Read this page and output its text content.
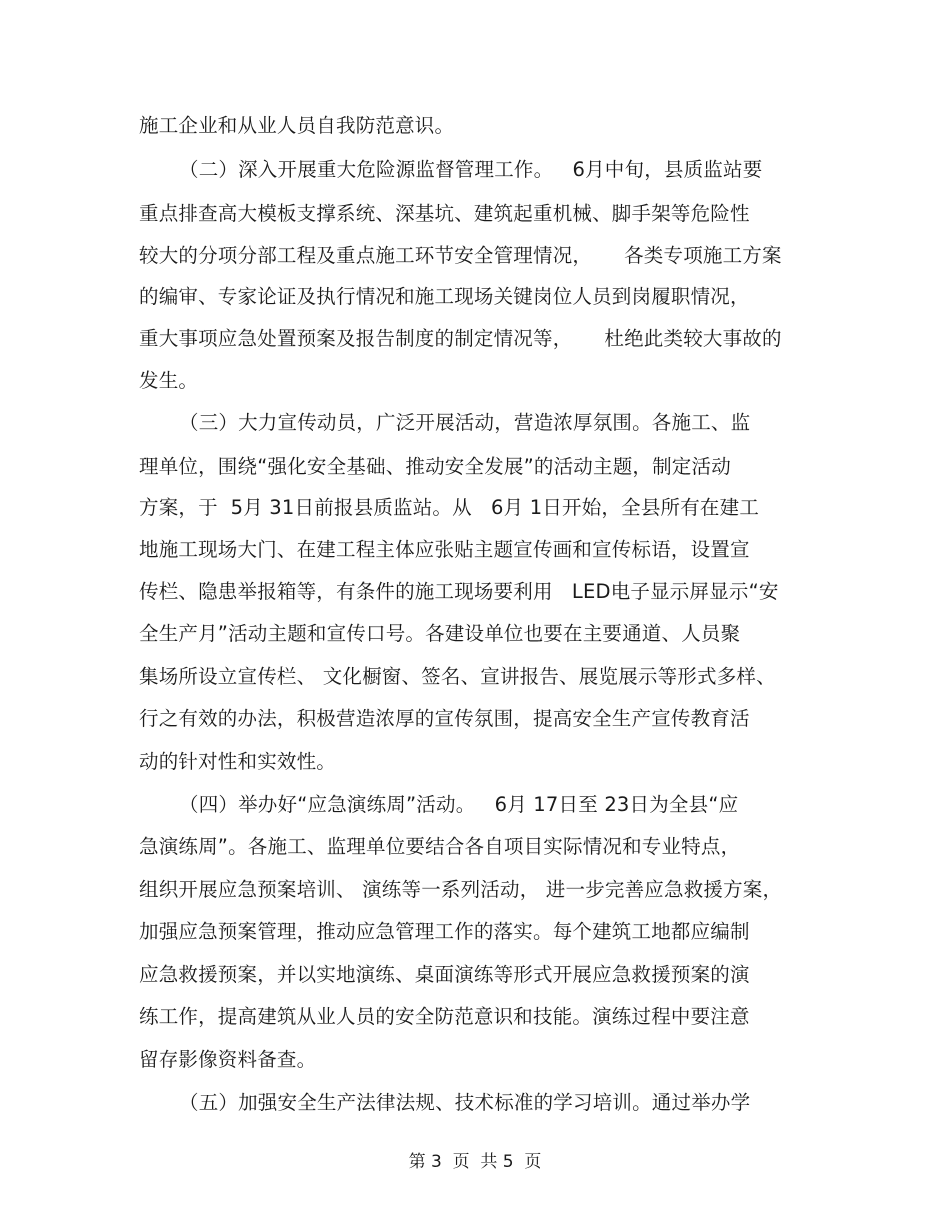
施工企业和从业人员自我防范意识。
（二）深入开展重大危险源监督管理工作。   6月中旬，县质监站要
重点排查高大模板支撑系统、深基坑、建筑起重机械、脚手架等危险性
较大的分项分部工程及重点施工环节安全管理情况，     各类专项施工方案
的编审、专家论证及执行情况和施工现场关键岗位人员到岗履职情况，
重大事项应急处置预案及报告制度的制定情况等，     杜绝此类较大事故的
发生。
（三）大力宣传动员，广泛开展活动，营造浓厚氛围。各施工、监
理单位，围绕“强化安全基础、推动安全发展”的活动主题，制定活动
方案，于  5月 31日前报县质监站。从   6月 1日开始，全县所有在建工
地施工现场大门、在建工程主体应张贴主题宣传画和宣传标语，设置宣
传栏、隐患举报箱等，有条件的施工现场要利用   LED电子显示屏显示“安
全生产月”活动主题和宣传口号。各建设单位也要在主要通道、人员聚
集场所设立宣传栏、 文化橱窗、签名、宣讲报告、展览展示等形式多样、
行之有效的办法，积极营造浓厚的宣传氛围，提高安全生产宣传教育活
动的针对性和实效性。
（四）举办好“应急演练周”活动。   6月 17日至 23日为全县“应
急演练周”。各施工、监理单位要结合各自项目实际情况和专业特点，
组织开展应急预案培训、 演练等一系列活动， 进一步完善应急救援方案，
加强应急预案管理，推动应急管理工作的落实。每个建筑工地都应编制
应急救援预案，并以实地演练、桌面演练等形式开展应急救援预案的演
练工作，提高建筑从业人员的安全防范意识和技能。演练过程中要注意
留存影像资料备查。
（五）加强安全生产法律法规、技术标准的学习培训。通过举办学
第 3  页  共 5  页
